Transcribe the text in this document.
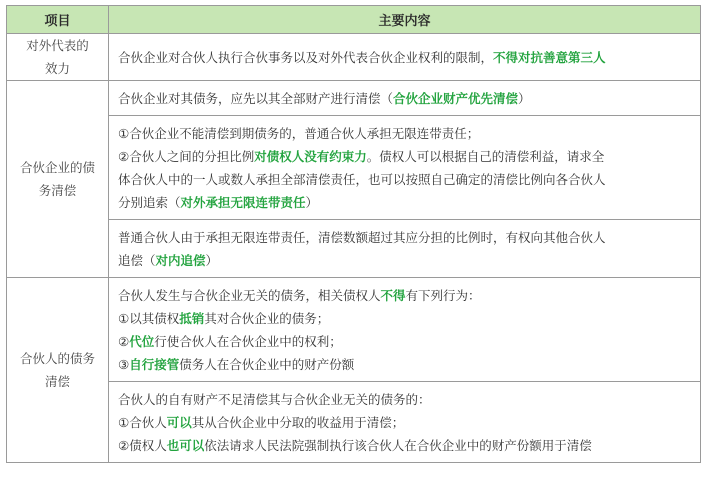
项目	主要内容

对外代表的
效力	合伙企业对合伙人执行合伙事务以及对外代表合伙企业权利的限制，不得对抗善意第三人

合伙企业的债
务清偿	合伙企业对其债务，应先以其全部财产进行清偿（合伙企业财产优先清偿）

	①合伙企业不能清偿到期债务的，普通合伙人承担无限连带责任；
②合伙人之间的分担比例对债权人没有约束力。债权人可以根据自己的清偿利益，请求全
体合伙人中的一人或数人承担全部清偿责任，也可以按照自己确定的清偿比例向各合伙人
分别追索（对外承担无限连带责任）

	普通合伙人由于承担无限连带责任，清偿数额超过其应分担的比例时，有权向其他合伙人
追偿（对内追偿）

合伙人的债务
清偿	合伙人发生与合伙企业无关的债务，相关债权人不得有下列行为：
①以其债权抵销其对合伙企业的债务；
②代位行使合伙人在合伙企业中的权利；
③自行接管债务人在合伙企业中的财产份额

	合伙人的自有财产不足清偿其与合伙企业无关的债务的：
①合伙人可以其从合伙企业中分取的收益用于清偿；
②债权人也可以依法请求人民法院强制执行该合伙人在合伙企业中的财产份额用于清偿
